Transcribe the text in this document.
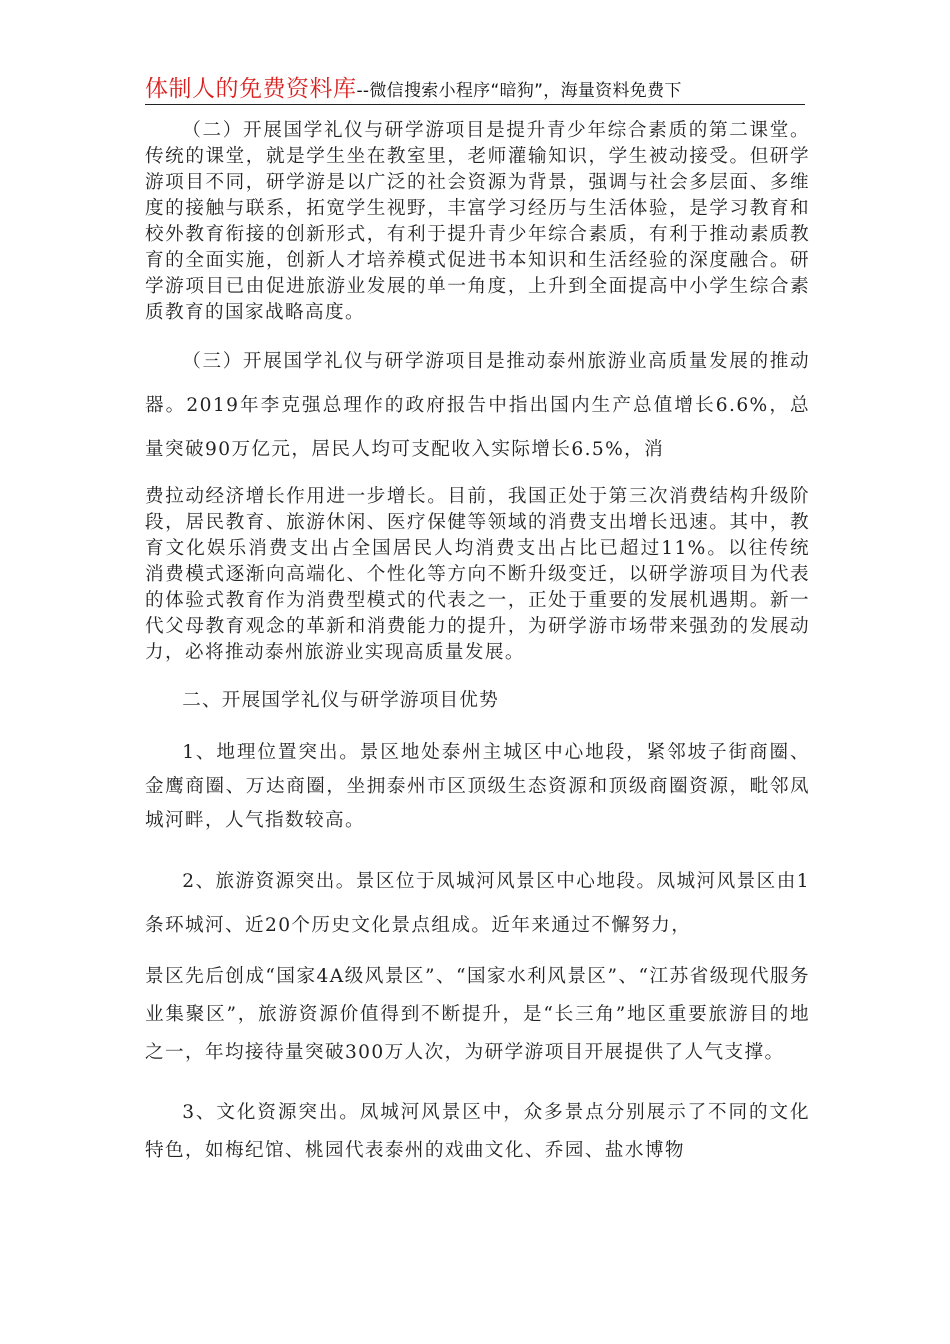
体制人的免费资料库--微信搜索小程序“暗狗”，海量资料免费下

（二）开展国学礼仪与研学游项目是提升青少年综合素质的第二课堂。传统的课堂，就是学生坐在教室里，老师灌输知识，学生被动接受。但研学游项目不同，研学游是以广泛的社会资源为背景，强调与社会多层面、多维度的接触与联系，拓宽学生视野，丰富学习经历与生活体验，是学习教育和校外教育衔接的创新形式，有利于提升青少年综合素质，有利于推动素质教育的全面实施，创新人才培养模式促进书本知识和生活经验的深度融合。研学游项目已由促进旅游业发展的单一角度，上升到全面提高中小学生综合素质教育的国家战略高度。

（三）开展国学礼仪与研学游项目是推动泰州旅游业高质量发展的推动器。2019年李克强总理作的政府报告中指出国内生产总值增长6.6%，总量突破90万亿元，居民人均可支配收入实际增长6.5%，消

费拉动经济增长作用进一步增长。目前，我国正处于第三次消费结构升级阶段，居民教育、旅游休闲、医疗保健等领域的消费支出增长迅速。其中，教育文化娱乐消费支出占全国居民人均消费支出占比已超过11%。以往传统消费模式逐渐向高端化、个性化等方向不断升级变迁，以研学游项目为代表的体验式教育作为消费型模式的代表之一，正处于重要的发展机遇期。新一代父母教育观念的革新和消费能力的提升，为研学游市场带来强劲的发展动力，必将推动泰州旅游业实现高质量发展。

二、开展国学礼仪与研学游项目优势

1、地理位置突出。景区地处泰州主城区中心地段，紧邻坡子街商圈、金鹰商圈、万达商圈，坐拥泰州市区顶级生态资源和顶级商圈资源，毗邻凤城河畔，人气指数较高。

2、旅游资源突出。景区位于凤城河风景区中心地段。凤城河风景区由1条环城河、近20个历史文化景点组成。近年来通过不懈努力，

景区先后创成“国家4A级风景区”、“国家水利风景区”、“江苏省级现代服务业集聚区”，旅游资源价值得到不断提升，是“长三角”地区重要旅游目的地之一，年均接待量突破300万人次，为研学游项目开展提供了人气支撑。

3、文化资源突出。凤城河风景区中，众多景点分别展示了不同的文化特色，如梅纪馆、桃园代表泰州的戏曲文化、乔园、盐水博物
